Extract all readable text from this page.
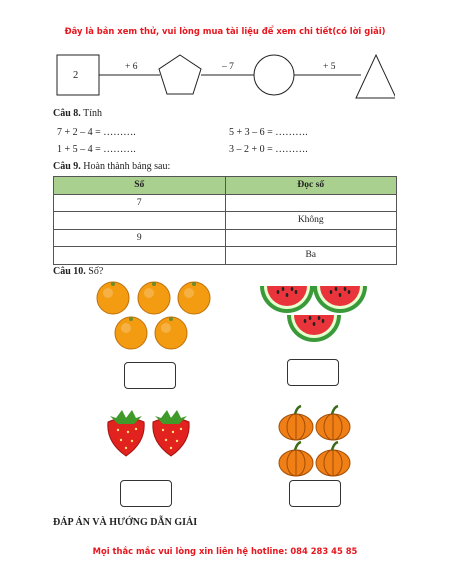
Đây là bản xem thử, vui lòng mua tài liệu để xem chi tiết(có lời giải)
2
+ 6	– 7	+ 5
Câu 8. Tính
7 + 2 – 4 = ……….	5 + 3 – 6 = ……….
1 + 5 – 4 = ……….	3 – 2 + 0 = ……….
Câu 9. Hoàn thành bảng sau:
Số	Đọc số
7	
	Không
9	
	Ba
Câu 10. Số?
ĐÁP ÁN VÀ HƯỚNG DẪN GIẢI
Mọi thắc mắc vui lòng xin liên hệ hotline: 084 283 45 85
